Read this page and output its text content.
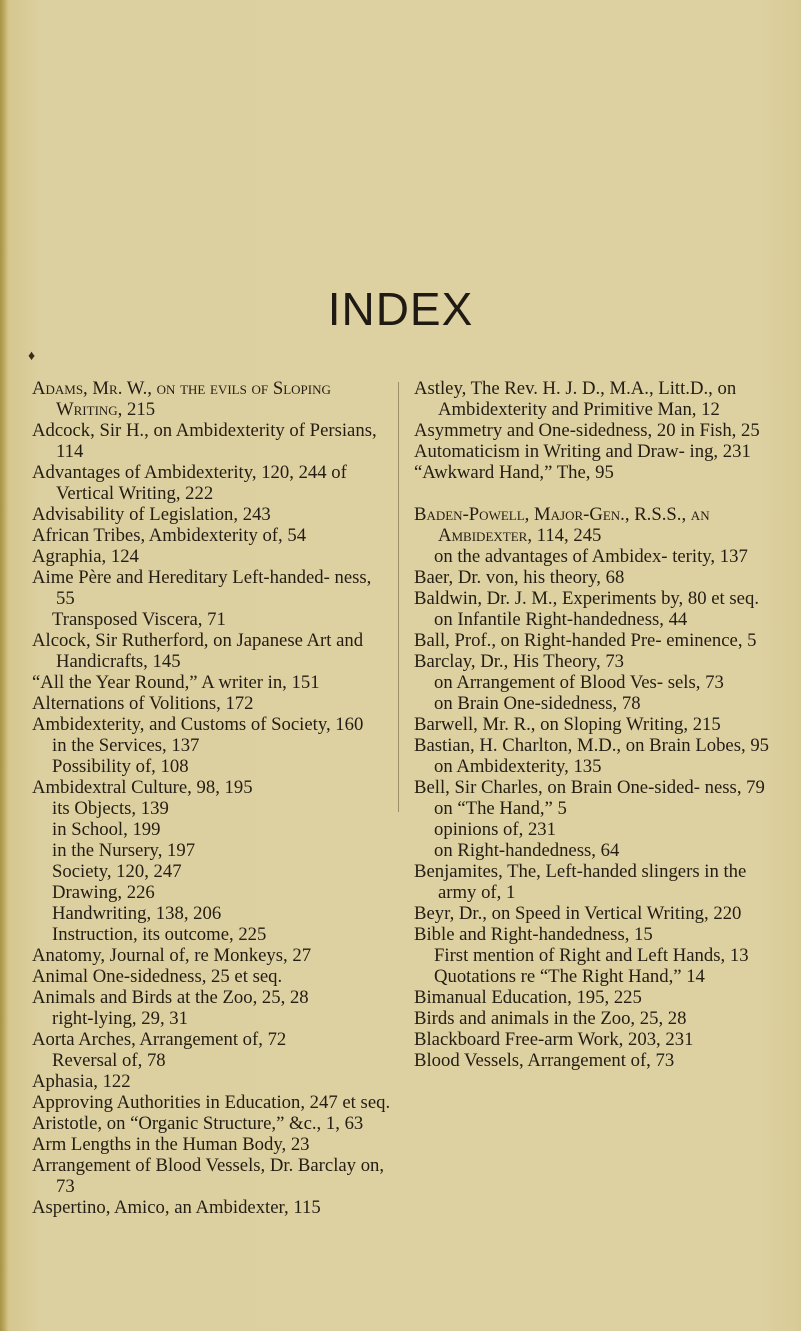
INDEX
♦

Adams, Mr. W., on the evils of Sloping Writing, 215

Adcock, Sir H., on Ambidexterity of Persians, 114

Advantages of Ambidexterity, 120, 244 of Vertical Writing, 222

Advisability of Legislation, 243

African Tribes, Ambidexterity of, 54

Agraphia, 124

Aime Père and Hereditary Left-handed- ness, 55

Transposed Viscera, 71

Alcock, Sir Rutherford, on Japanese Art and Handicrafts, 145

“All the Year Round,” A writer in, 151

Alternations of Volitions, 172

Ambidexterity, and Customs of Society, 160

in the Services, 137

Possibility of, 108

Ambidextral Culture, 98, 195

its Objects, 139

in School, 199

in the Nursery, 197

Society, 120, 247

Drawing, 226

Handwriting, 138, 206

Instruction, its outcome, 225

Anatomy, Journal of, re Monkeys, 27

Animal One-sidedness, 25 et seq.

Animals and Birds at the Zoo, 25, 28

right-lying, 29, 31

Aorta Arches, Arrangement of, 72

Reversal of, 78

Aphasia, 122

Approving Authorities in Education, 247 et seq.

Aristotle, on “Organic Structure,” &c., 1, 63

Arm Lengths in the Human Body, 23

Arrangement of Blood Vessels, Dr. Barclay on, 73

Aspertino, Amico, an Ambidexter, 115

Astley, The Rev. H. J. D., M.A., Litt.D., on Ambidexterity and Primitive Man, 12

Asymmetry and One-sidedness, 20 in Fish, 25

Automaticism in Writing and Draw- ing, 231

“Awkward Hand,” The, 95

Baden-Powell, Major-Gen., R.S.S., an Ambidexter, 114, 245

on the advantages of Ambidex- terity, 137

Baer, Dr. von, his theory, 68

Baldwin, Dr. J. M., Experiments by, 80 et seq.

on Infantile Right-handedness, 44

Ball, Prof., on Right-handed Pre- eminence, 5

Barclay, Dr., His Theory, 73

on Arrangement of Blood Ves- sels, 73

on Brain One-sidedness, 78

Barwell, Mr. R., on Sloping Writing, 215

Bastian, H. Charlton, M.D., on Brain Lobes, 95

on Ambidexterity, 135

Bell, Sir Charles, on Brain One-sided- ness, 79

on “The Hand,” 5

opinions of, 231

on Right-handedness, 64

Benjamites, The, Left-handed slingers in the army of, 1

Beyr, Dr., on Speed in Vertical Writing, 220

Bible and Right-handedness, 15

First mention of Right and Left Hands, 13

Quotations re “The Right Hand,” 14

Bimanual Education, 195, 225

Birds and animals in the Zoo, 25, 28

Blackboard Free-arm Work, 203, 231

Blood Vessels, Arrangement of, 73
